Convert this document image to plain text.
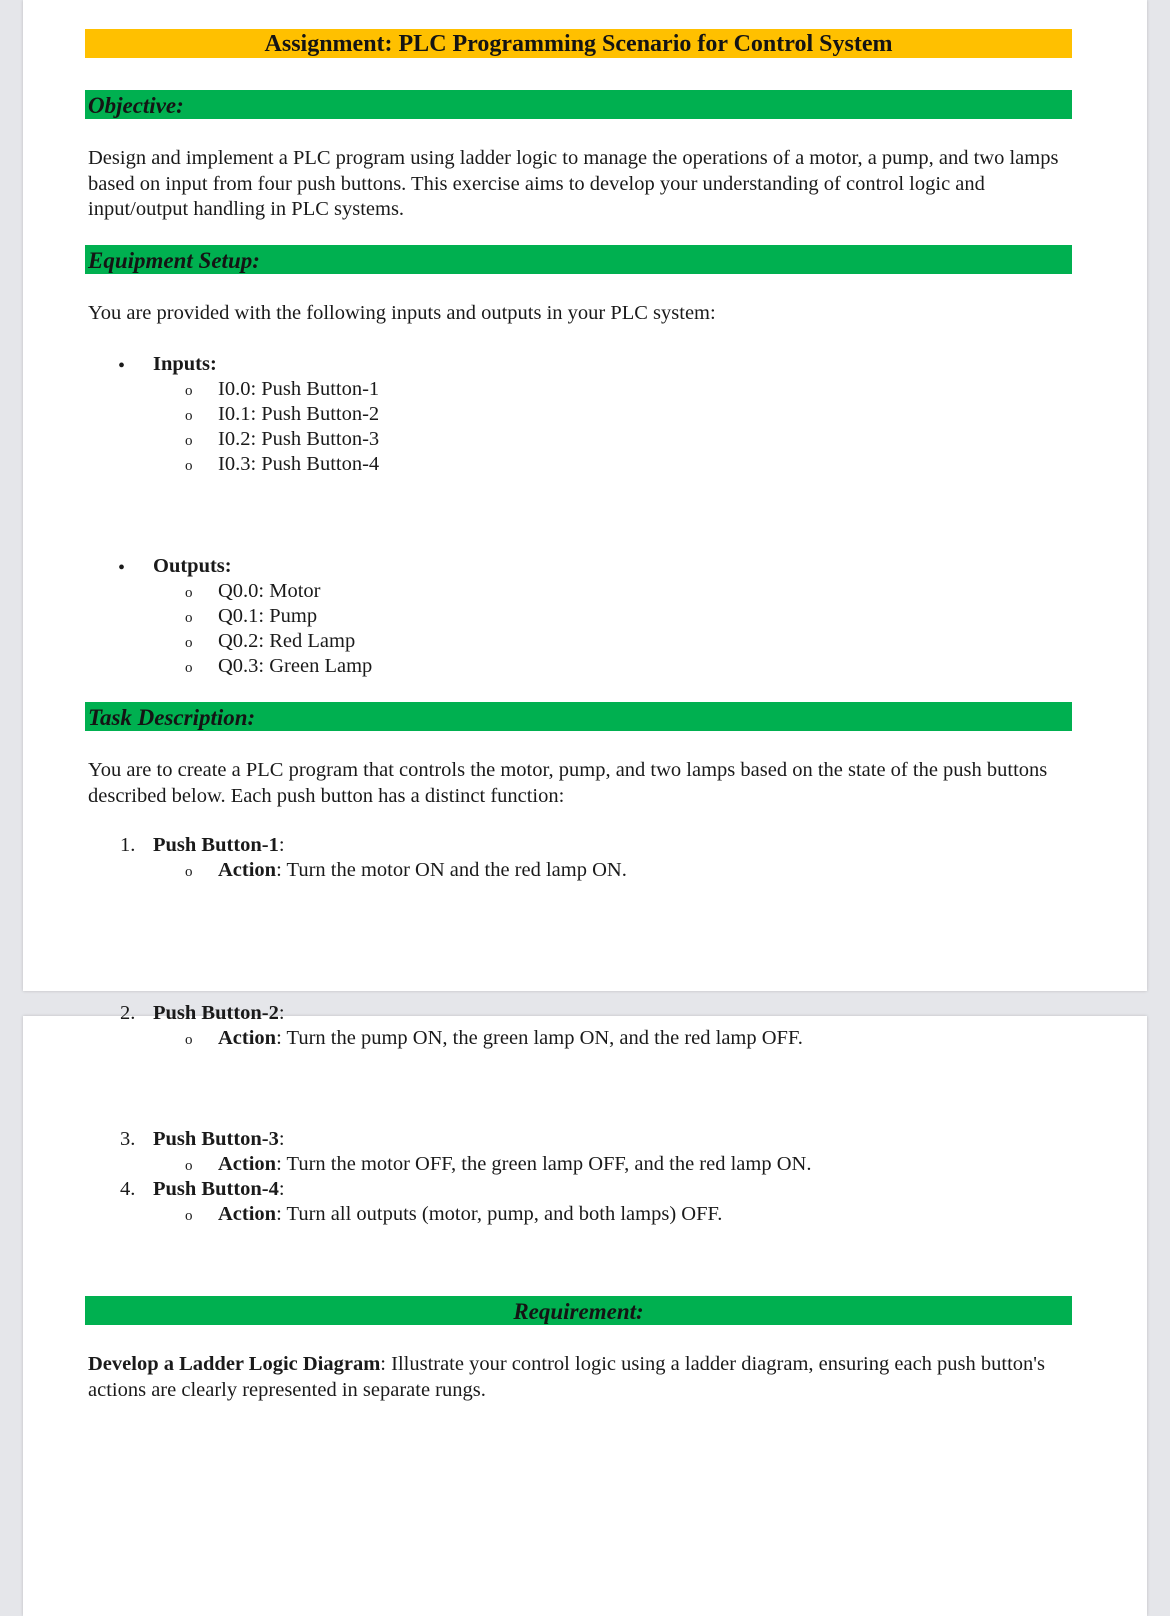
Assignment: PLC Programming Scenario for Control System
Objective:
Design and implement a PLC program using ladder logic to manage the operations of a motor, a pump, and two lamps based on input from four push buttons. This exercise aims to develop your understanding of control logic and input/output handling in PLC systems.
Equipment Setup:
You are provided with the following inputs and outputs in your PLC system:
• Inputs:
o I0.0: Push Button-1
o I0.1: Push Button-2
o I0.2: Push Button-3
o I0.3: Push Button-4
• Outputs:
o Q0.0: Motor
o Q0.1: Pump
o Q0.2: Red Lamp
o Q0.3: Green Lamp
Task Description:
You are to create a PLC program that controls the motor, pump, and two lamps based on the state of the push buttons described below. Each push button has a distinct function:
1. Push Button-1:
o Action: Turn the motor ON and the red lamp ON.
2. Push Button-2:
o Action: Turn the pump ON, the green lamp ON, and the red lamp OFF.
3. Push Button-3:
o Action: Turn the motor OFF, the green lamp OFF, and the red lamp ON.
4. Push Button-4:
o Action: Turn all outputs (motor, pump, and both lamps) OFF.
Requirement:
Develop a Ladder Logic Diagram: Illustrate your control logic using a ladder diagram, ensuring each push button's actions are clearly represented in separate rungs.
